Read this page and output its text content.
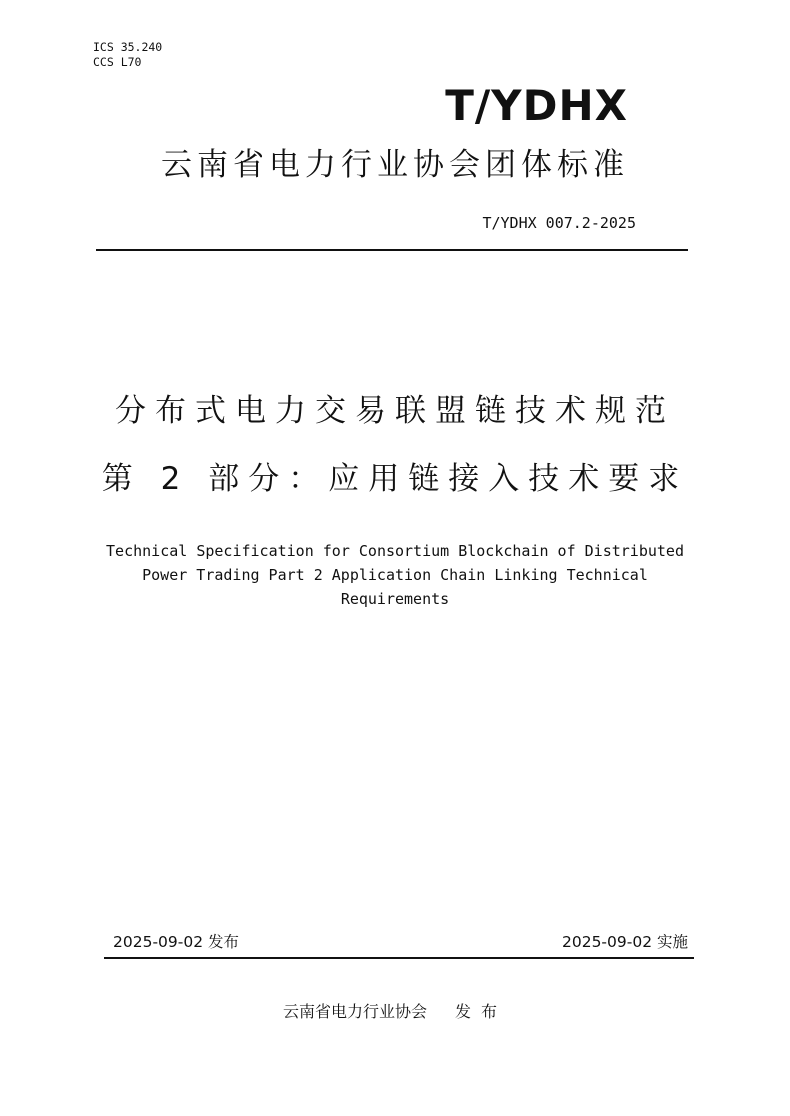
ICS 35.240
CCS L70
T/YDHX
云南省电力行业协会团体标准
T/YDHX 007.2-2025
分布式电力交易联盟链技术规范
第 2 部分：应用链接入技术要求
Technical Specification for Consortium Blockchain of Distributed
Power Trading Part 2 Application Chain Linking Technical
Requirements
2025-09-02 发布	2025-09-02 实施
云南省电力行业协会 发布
